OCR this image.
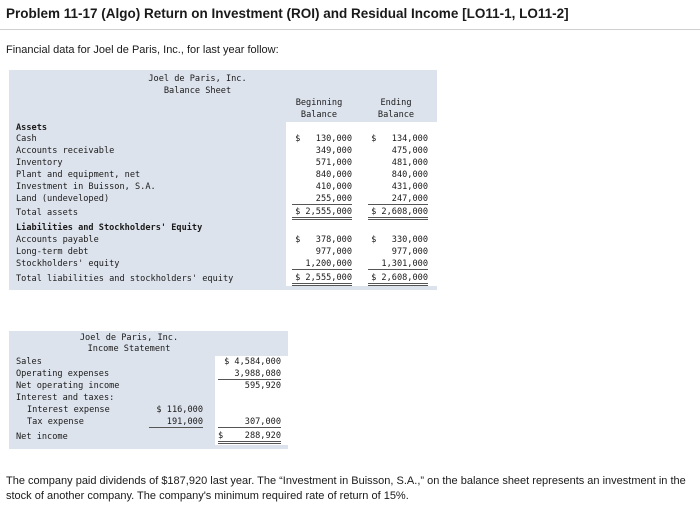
Problem 11-17 (Algo) Return on Investment (ROI) and Residual Income [LO11-1, LO11-2]
Financial data for Joel de Paris, Inc., for last year follow:
Joel de Paris, Inc.
Balance Sheet
Beginning
Balance
Ending
Balance
Assets
Cash	$   130,000	$   134,000
Accounts receivable	349,000	475,000
Inventory	571,000	481,000
Plant and equipment, net	840,000	840,000
Investment in Buisson, S.A.	410,000	431,000
Land (undeveloped)	255,000	247,000
Total assets	$ 2,555,000	$ 2,608,000
Liabilities and Stockholders' Equity
Accounts payable	$   378,000	$   330,000
Long-term debt	977,000	977,000
Stockholders' equity	1,200,000	1,301,000
Total liabilities and stockholders' equity	$ 2,555,000	$ 2,608,000
Joel de Paris, Inc.
Income Statement
Sales	$ 4,584,000
Operating expenses	3,988,080
Net operating income	595,920
Interest and taxes:
Interest expense	$ 116,000
Tax expense	191,000	307,000
Net income	$	288,920
The company paid dividends of $187,920 last year. The “Investment in Buisson, S.A.,” on the balance sheet represents an investment in the stock of another company. The company's minimum required rate of return of 15%.
